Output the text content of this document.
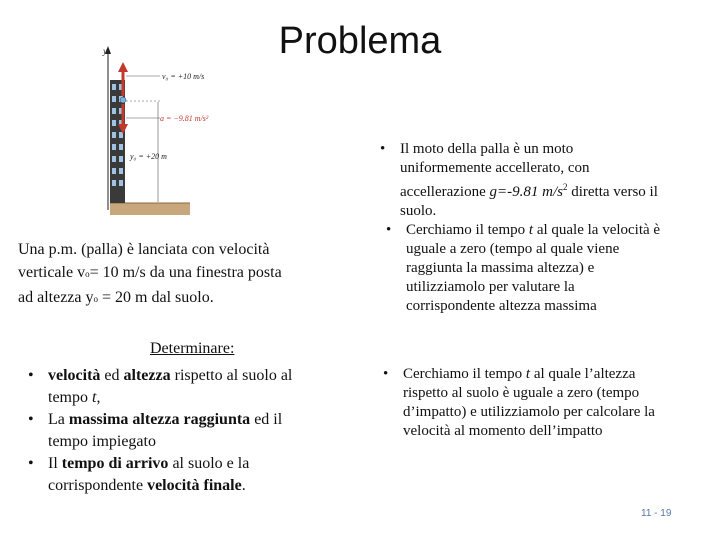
Problema
y
v₀ = +10 m/s
a = −9.81 m/s²
y₀ = +20 m
Una p.m. (palla) è lanciata con velocità
verticale vo= 10 m/s da una finestra posta
ad altezza yo = 20 m dal suolo.
Determinare:
• velocità ed altezza rispetto al suolo al
tempo t,
• La massima altezza raggiunta ed il
tempo impiegato
• Il tempo di arrivo al suolo e la
corrispondente velocità finale.
• Il moto della palla è un moto
uniformemente accellerato, con
accellerazione g=-9.81 $m/s^2$ diretta verso il
suolo.
• Cerchiamo il tempo t al quale la velocità è
uguale a zero (tempo al quale viene
raggiunta la massima altezza) e
utilizziamolo per valutare la
corrispondente altezza massima
• Cerchiamo il tempo t al quale l’altezza
rispetto al suolo è uguale a zero (tempo
d’impatto) e utilizziamolo per calcolare la
velocità al momento dell’impatto
11 - 19
